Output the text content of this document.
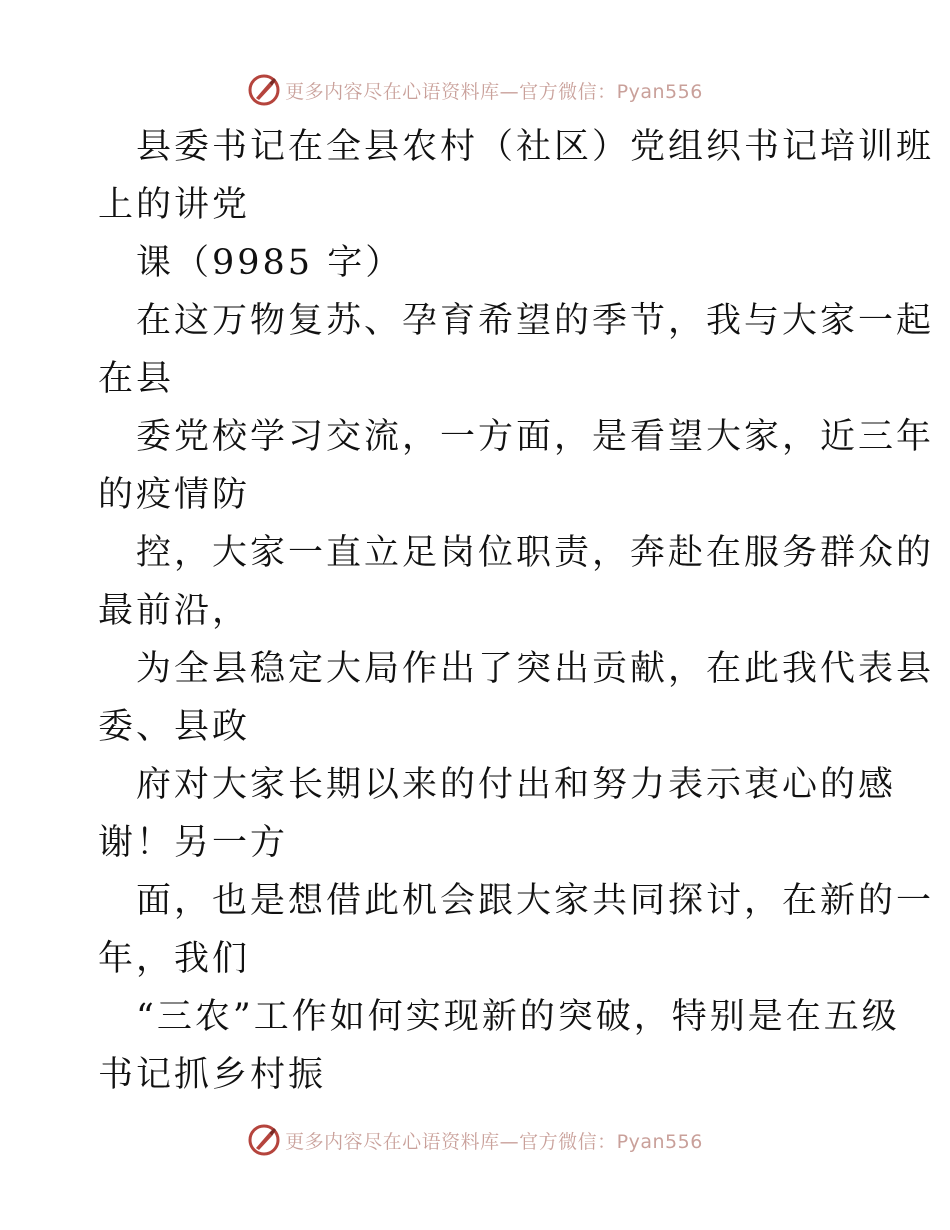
更多内容尽在心语资料库—官方微信：Pyan556
县委书记在全县农村（社区）党组织书记培训班
上的讲党
课（9985 字）
在这万物复苏、孕育希望的季节，我与大家一起
在县
委党校学习交流，一方面，是看望大家，近三年
的疫情防
控，大家一直立足岗位职责，奔赴在服务群众的
最前沿，
为全县稳定大局作出了突出贡献，在此我代表县
委、县政
府对大家长期以来的付出和努力表示衷心的感
谢！另一方
面，也是想借此机会跟大家共同探讨，在新的一
年，我们
“三农”工作如何实现新的突破，特别是在五级
书记抓乡村振
更多内容尽在心语资料库—官方微信：Pyan556
